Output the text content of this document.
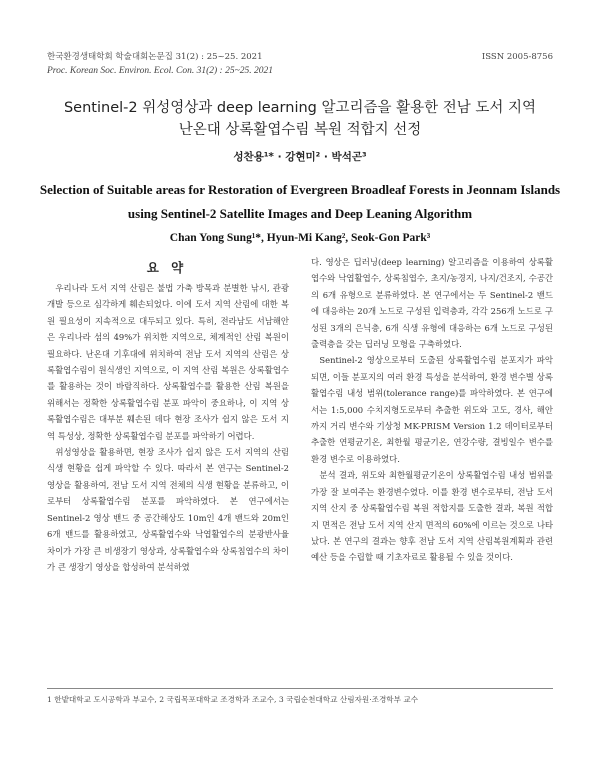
한국환경생태학회 학술대회논문집 31(2) : 25~25. 2021	ISSN 2005-8756
Proc. Korean Soc. Environ. Ecol. Con. 31(2) : 25~25. 2021
Sentinel-2 위성영상과 deep learning 알고리즘을 활용한 전남 도서 지역
난온대 상록활엽수림 복원 적합지 선정
성찬용¹* · 강현미² · 박석곤³
Selection of Suitable areas for Restoration of Evergreen Broadleaf Forests in Jeonnam Islands
using Sentinel-2 Satellite Images and Deep Leaning Algorithm
Chan Yong Sung¹*, Hyun-Mi Kang², Seok-Gon Park³
요 약

우리나라 도서 지역 산림은 불법 가축 방목과 분별한 낚시, 관광 개발 등으로 심각하게 훼손되었다. 이에 도서 지역 산림에 대한 복원 필요성이 지속적으로 대두되고 있다. 특히, 전라남도 서남해안은 우리나라 섬의 49%가 위치한 지역으로, 체계적인 산림 복원이 필요하다. 난온대 기후대에 위치하여 전남 도서 지역의 산림은 상록활엽수림이 원식생인 지역으로, 이 지역 산림 복원은 상록활엽수를 활용하는 것이 바람직하다. 상록활엽수를 활용한 산림 복원을 위해서는 정확한 상록활엽수림 분포 파악이 중요하나, 이 지역 상록활엽수림은 대부분 훼손된 데다 현장 조사가 쉽지 않은 도서 지역 특성상, 정확한 상록활엽수림 분포를 파악하기 어렵다.

위성영상을 활용하면, 현장 조사가 쉽지 않은 도서 지역의 산림 식생 현황을 쉽게 파악할 수 있다. 따라서 본 연구는 Sentinel-2 영상을 활용하여, 전남 도서 지역 전체의 식생 현황을 분류하고, 이로부터 상록활엽수림 분포를 파악하였다. 본 연구에서는 Sentinel-2 영상 밴드 중 공간해상도 10m인 4개 밴드와 20m인 6개 밴드를 활용하였고, 상록활엽수와 낙엽활엽수의 분광반사율 차이가 가장 큰 비생장기 영상과, 상록활엽수와 상록침엽수의 차이가 큰 생장기 영상을 합성하여 분석하였

다. 영상은 딥러닝(deep learning) 알고리즘을 이용하여 상록활엽수와 낙엽활엽수, 상록침엽수, 초지/농경지, 나지/건조지, 수공간의 6개 유형으로 분류하였다. 본 연구에서는 두 Sentinel-2 밴드에 대응하는 20개 노드로 구성된 입력층과, 각각 256개 노드로 구성된 3개의 은닉층, 6개 식생 유형에 대응하는 6개 노드로 구성된 출력층을 갖는 딥러닝 모형을 구축하였다.

Sentinel-2 영상으로부터 도출된 상록활엽수림 분포지가 파악되면, 이들 분포지의 여러 환경 특성을 분석하여, 환경 변수별 상록활엽수림 내성 범위(tolerance range)를 파악하였다. 본 연구에서는 1:5,000 수치지형도로부터 추출한 위도와 고도, 경사, 해안까지 거리 변수와 기상청 MK-PRISM Version 1.2 데이터로부터 추출한 연평균기온, 최한월 평균기온, 연강수량, 결빙일수 변수를 환경 변수로 이용하였다.

분석 결과, 위도와 최한월평균기온이 상록활엽수림 내성 범위를 가장 잘 보여주는 환경변수였다. 이를 환경 변수로부터, 전남 도서 지역 산지 중 상록활엽수림 복원 적합지를 도출한 결과, 복원 적합지 면적은 전남 도서 지역 산지 면적의 60%에 이르는 것으로 나타났다. 본 연구의 결과는 향후 전남 도서 지역 산림복원계획과 관련 예산 등을 수립할 때 기초자료로 활용될 수 있을 것이다.

1 한밭대학교 도시공학과 부교수, 2 국립목포대학교 조경학과 조교수, 3 국립순천대학교 산림자원·조경학부 교수
